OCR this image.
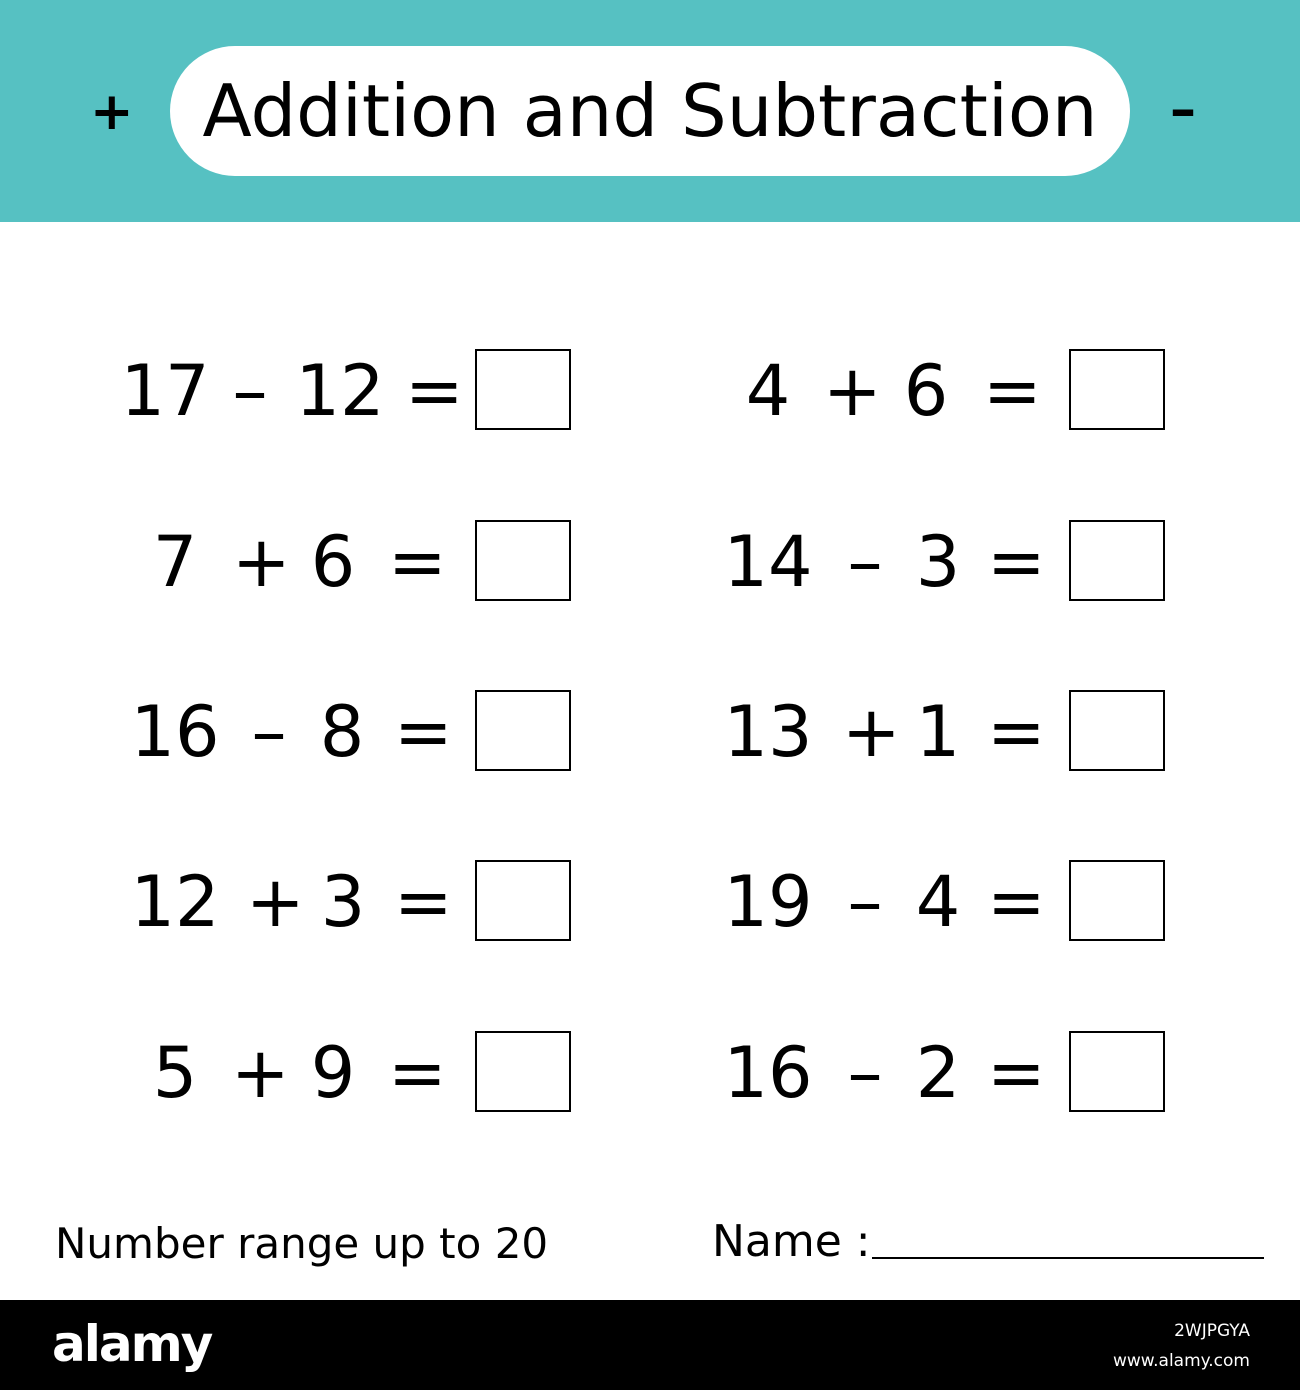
+ Addition and Subtraction –
17 – 12 =
7 + 6 =
16 – 8 =
12 + 3 =
5 + 9 =
4 + 6 =
14 – 3 =
13 + 1 =
19 – 4 =
16 – 2 =
Number range up to 20	Name :
alamy	2WJPGYA
www.alamy.com
